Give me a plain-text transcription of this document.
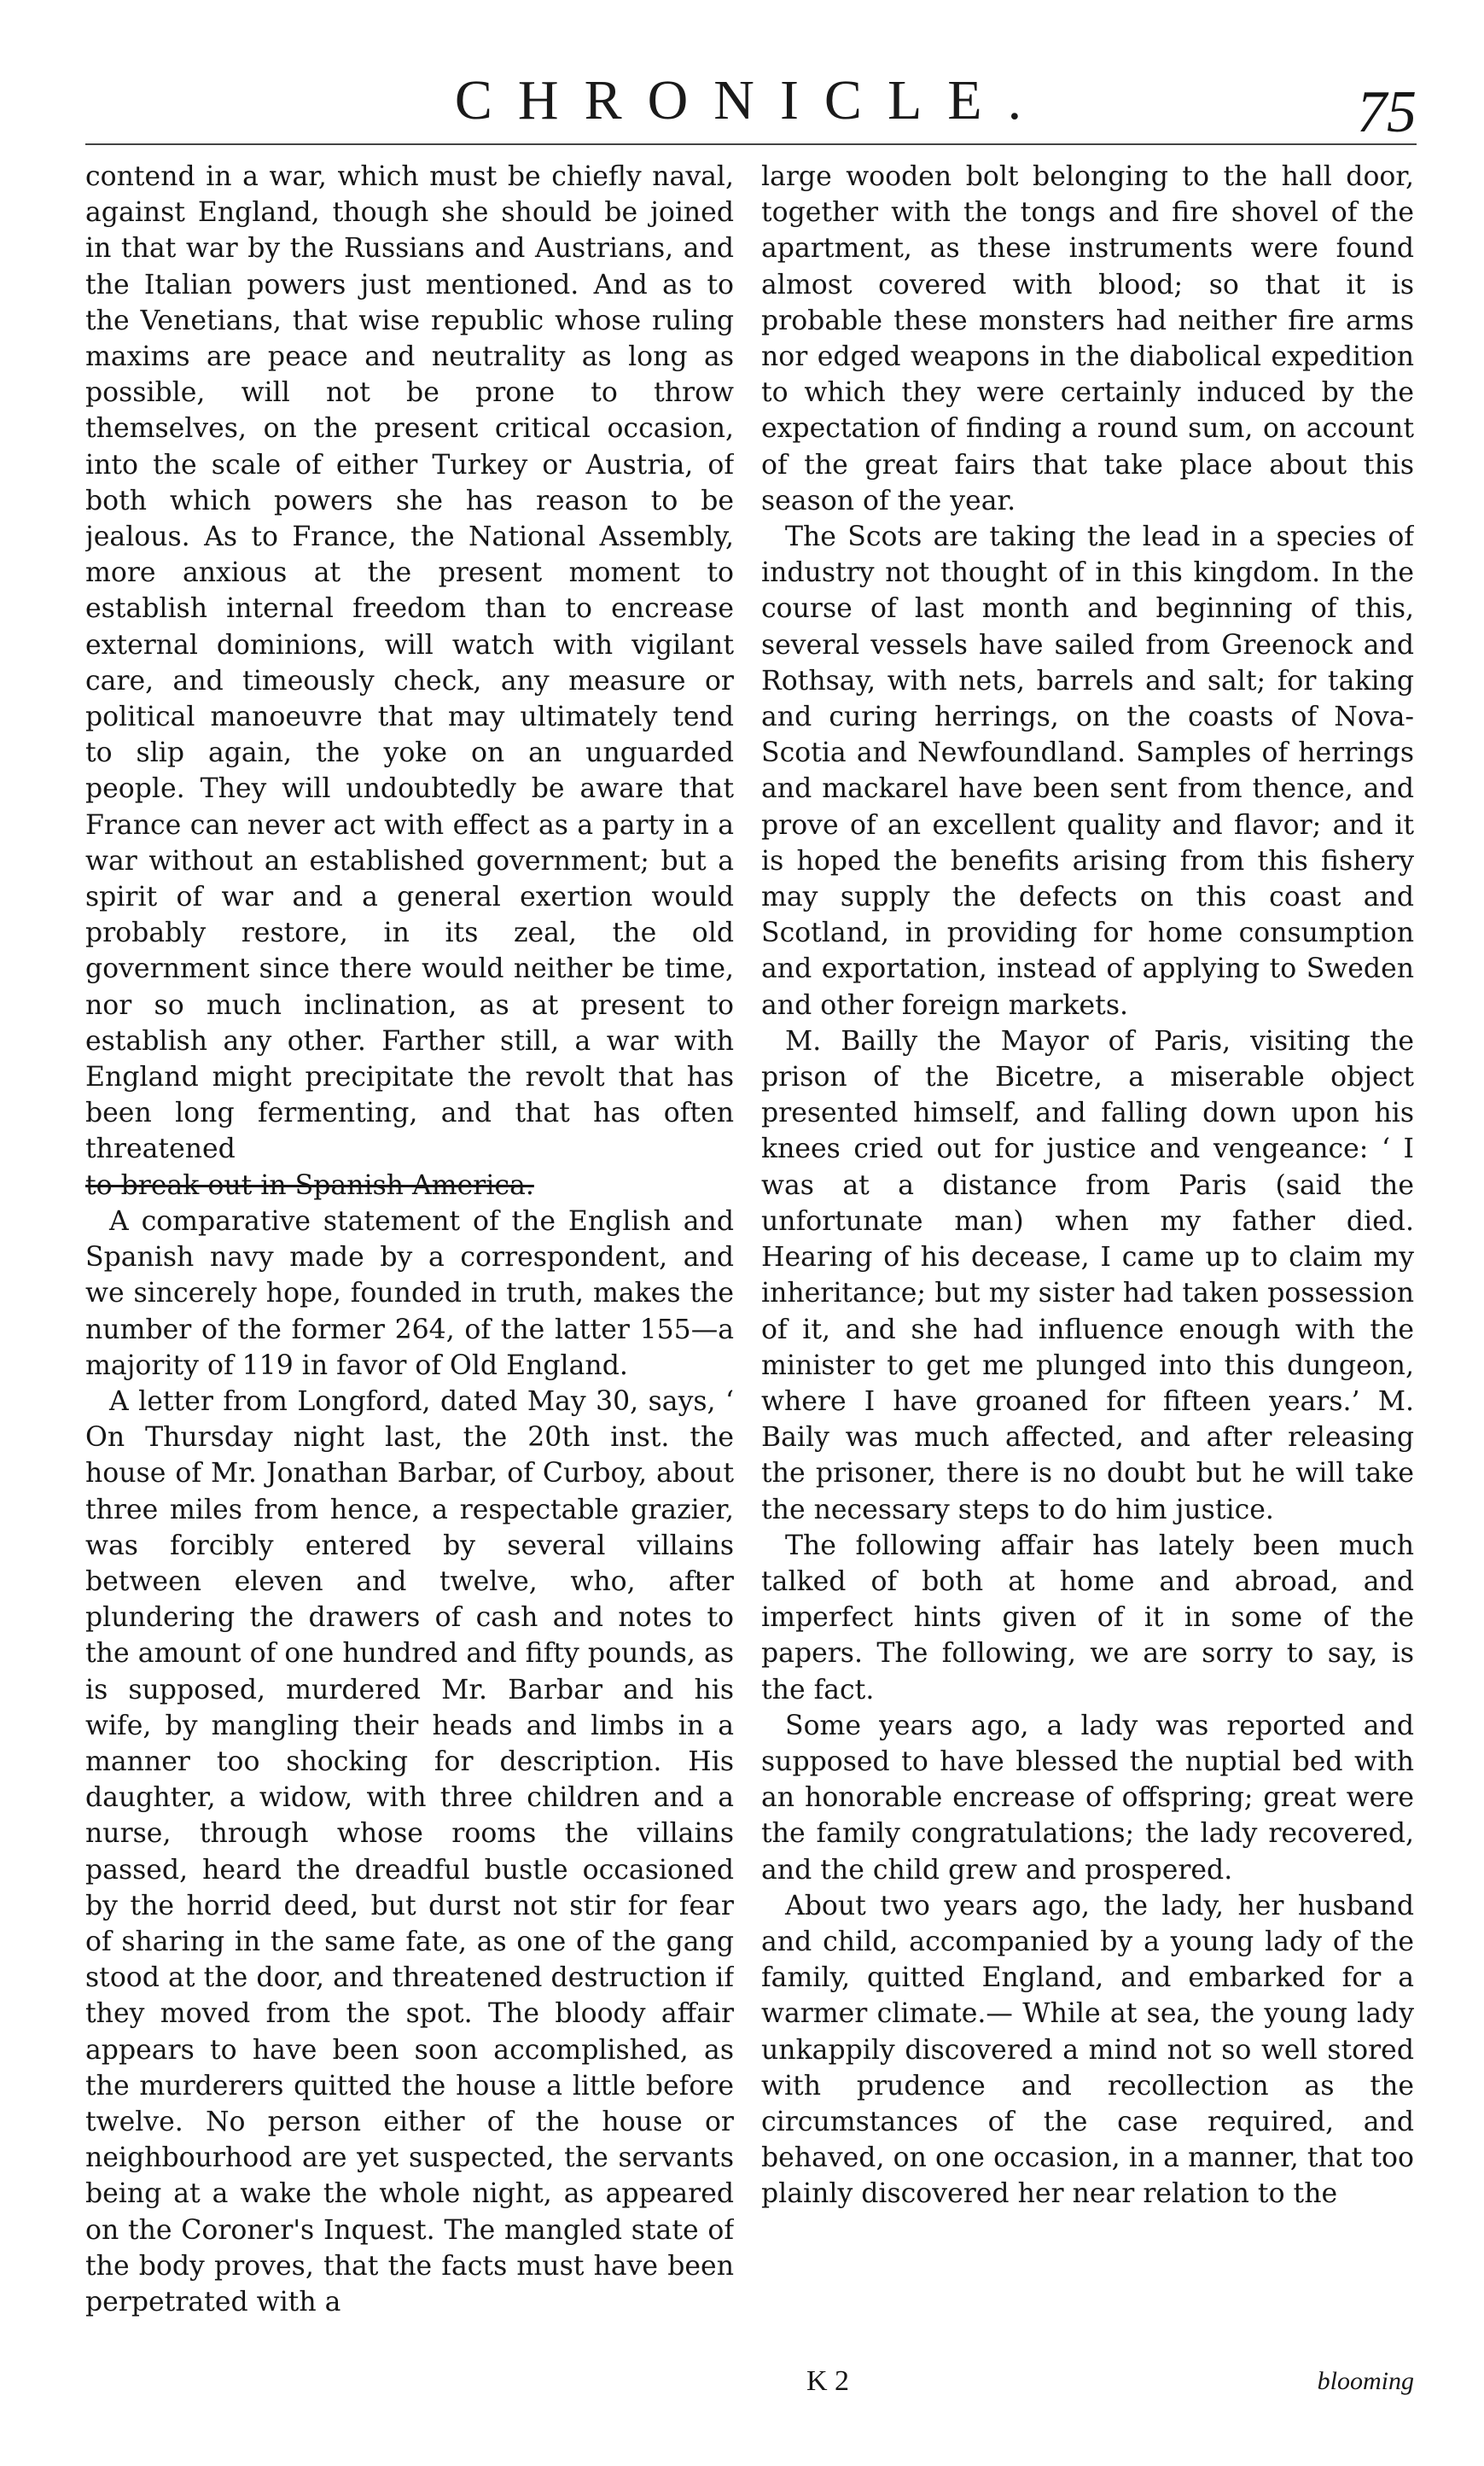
CHRONICLE.	75

contend in a war, which must be chiefly naval, against England, though she should be joined in that war by the Russians and Austrians, and the Italian powers just mentioned. And as to the Venetians, that wise republic whose ruling maxims are peace and neutrality as long as possible, will not be prone to throw themselves, on the present critical occasion, into the scale of either Turkey or Austria, of both which powers she has reason to be jealous. As to France, the National Assembly, more anxious at the present moment to establish internal freedom than to encrease external dominions, will watch with vigilant care, and timeously check, any measure or political manoeuvre that may ultimately tend to slip again, the yoke on an unguarded people. They will undoubtedly be aware that France can never act with effect as a party in a war without an established government; but a spirit of war and a general exertion would probably restore, in its zeal, the old government since there would neither be time, nor so much inclination, as at present to establish any other. Farther still, a war with England might precipitate the revolt that has been long fermenting, and that has often threatened

to break out in Spanish America.

A comparative statement of the English and Spanish navy made by a correspondent, and we sincerely hope, founded in truth, makes the number of the former 264, of the latter 155—a majority of 119 in favor of Old England.

A letter from Longford, dated May 30, says, ‘ On Thursday night last, the 20th inst. the house of Mr. Jonathan Barbar, of Curboy, about three miles from hence, a respectable grazier, was forcibly entered by several villains between eleven and twelve, who, after plundering the drawers of cash and notes to the amount of one hundred and fifty pounds, as is supposed, murdered Mr. Barbar and his wife, by mangling their heads and limbs in a manner too shocking for description. His daughter, a widow, with three children and a nurse, through whose rooms the villains passed, heard the dreadful bustle occasioned by the horrid deed, but durst not stir for fear of sharing in the same fate, as one of the gang stood at the door, and threatened destruction if they moved from the spot. The bloody affair appears to have been soon accomplished, as the murderers quitted the house a little before twelve. No person either of the house or neighbourhood are yet suspected, the servants being at a wake the whole night, as appeared on the Coroner's Inquest. The mangled state of the body proves, that the facts must have been perpetrated with a

large wooden bolt belonging to the hall door, together with the tongs and fire shovel of the apartment, as these instruments were found almost covered with blood; so that it is probable these monsters had neither fire arms nor edged weapons in the diabolical expedition to which they were certainly induced by the expectation of finding a round sum, on account of the great fairs that take place about this season of the year.

The Scots are taking the lead in a species of industry not thought of in this kingdom. In the course of last month and beginning of this, several vessels have sailed from Greenock and Rothsay, with nets, barrels and salt; for taking and curing herrings, on the coasts of Nova-Scotia and Newfoundland. Samples of herrings and mackarel have been sent from thence, and prove of an excellent quality and flavor; and it is hoped the benefits arising from this fishery may supply the defects on this coast and Scotland, in providing for home consumption and exportation, instead of applying to Sweden and other foreign markets.

M. Bailly the Mayor of Paris, visiting the prison of the Bicetre, a miserable object presented himself, and falling down upon his knees cried out for justice and vengeance: ‘ I was at a distance from Paris (said the unfortunate man) when my father died. Hearing of his decease, I came up to claim my inheritance; but my sister had taken possession of it, and she had influence enough with the minister to get me plunged into this dungeon, where I have groaned for fifteen years.’ M. Baily was much affected, and after releasing the prisoner, there is no doubt but he will take the necessary steps to do him justice.

The following affair has lately been much talked of both at home and abroad, and imperfect hints given of it in some of the papers. The following, we are sorry to say, is the fact.

Some years ago, a lady was reported and supposed to have blessed the nuptial bed with an honorable encrease of offspring; great were the family congratulations; the lady recovered, and the child grew and prospered.

About two years ago, the lady, her husband and child, accompanied by a young lady of the family, quitted England, and embarked for a warmer climate.— While at sea, the young lady unkappily discovered a mind not so well stored with prudence and recollection as the circumstances of the case required, and behaved, on one occasion, in a manner, that too plainly discovered her near relation to the

K 2	blooming
